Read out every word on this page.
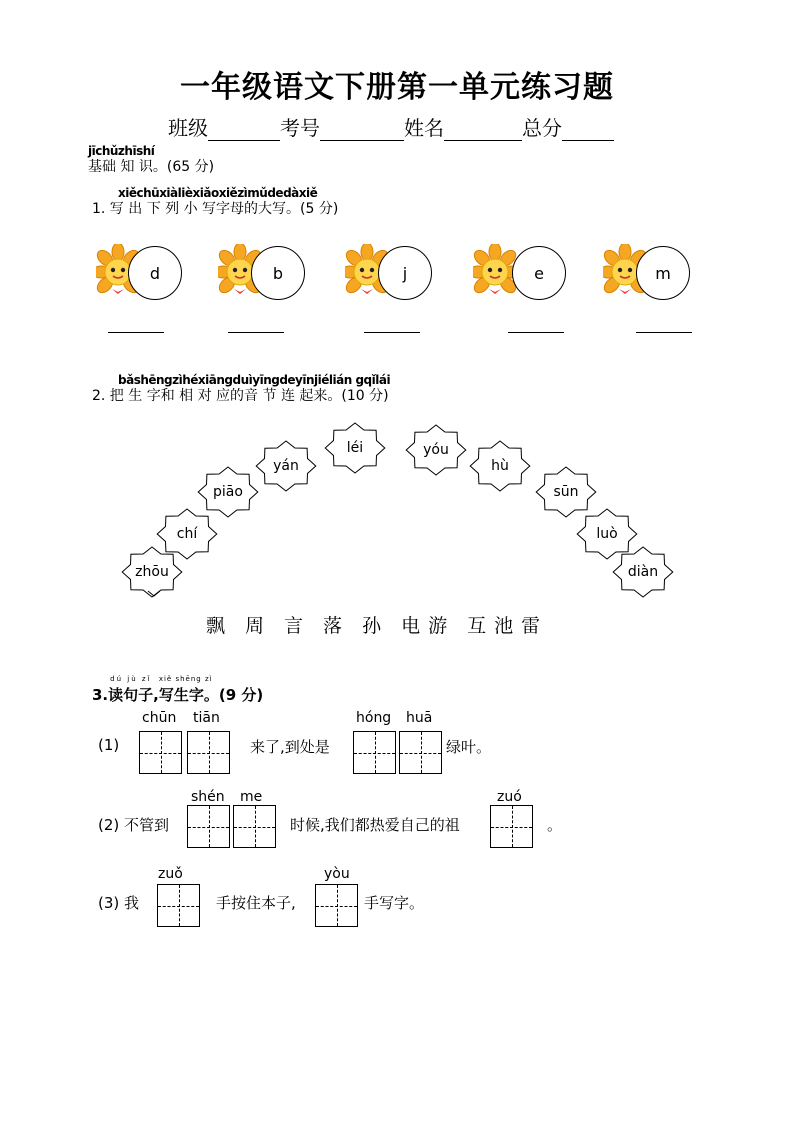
一年级语文下册第一单元练习题
班级	考号	姓名	总分
jīchǔzhīshí
基础 知 识。(65 分)
xiěchūxiàlièxiǎoxiězìmǔdedàxiě
1. 写 出 下 列 小 写字母的大写。(5 分)
d	b	j	e	m
bǎshēngzìhéxiāngduìyīngdeyīnjiélián gqǐlái
2. 把 生 字和 相 对 应的音 节 连 起来。(10 分)
zhōu
chí
piāo
yán
léi	yóu
hù
sūn
luò
diàn
飘 周 言 落 孙 电 游 互 池 雷
3.
dú jù zǐ
读句子,
xiě shēng zì
写生字。(9 分)
(1)
chūn tiān
来了,到处是
hóng huā
绿叶。
(2) 不管到
shén me
时候,我们都热爱自己的祖
zuó
。
(3) 我
zuǒ
手按住本子,
yòu
手写字。
